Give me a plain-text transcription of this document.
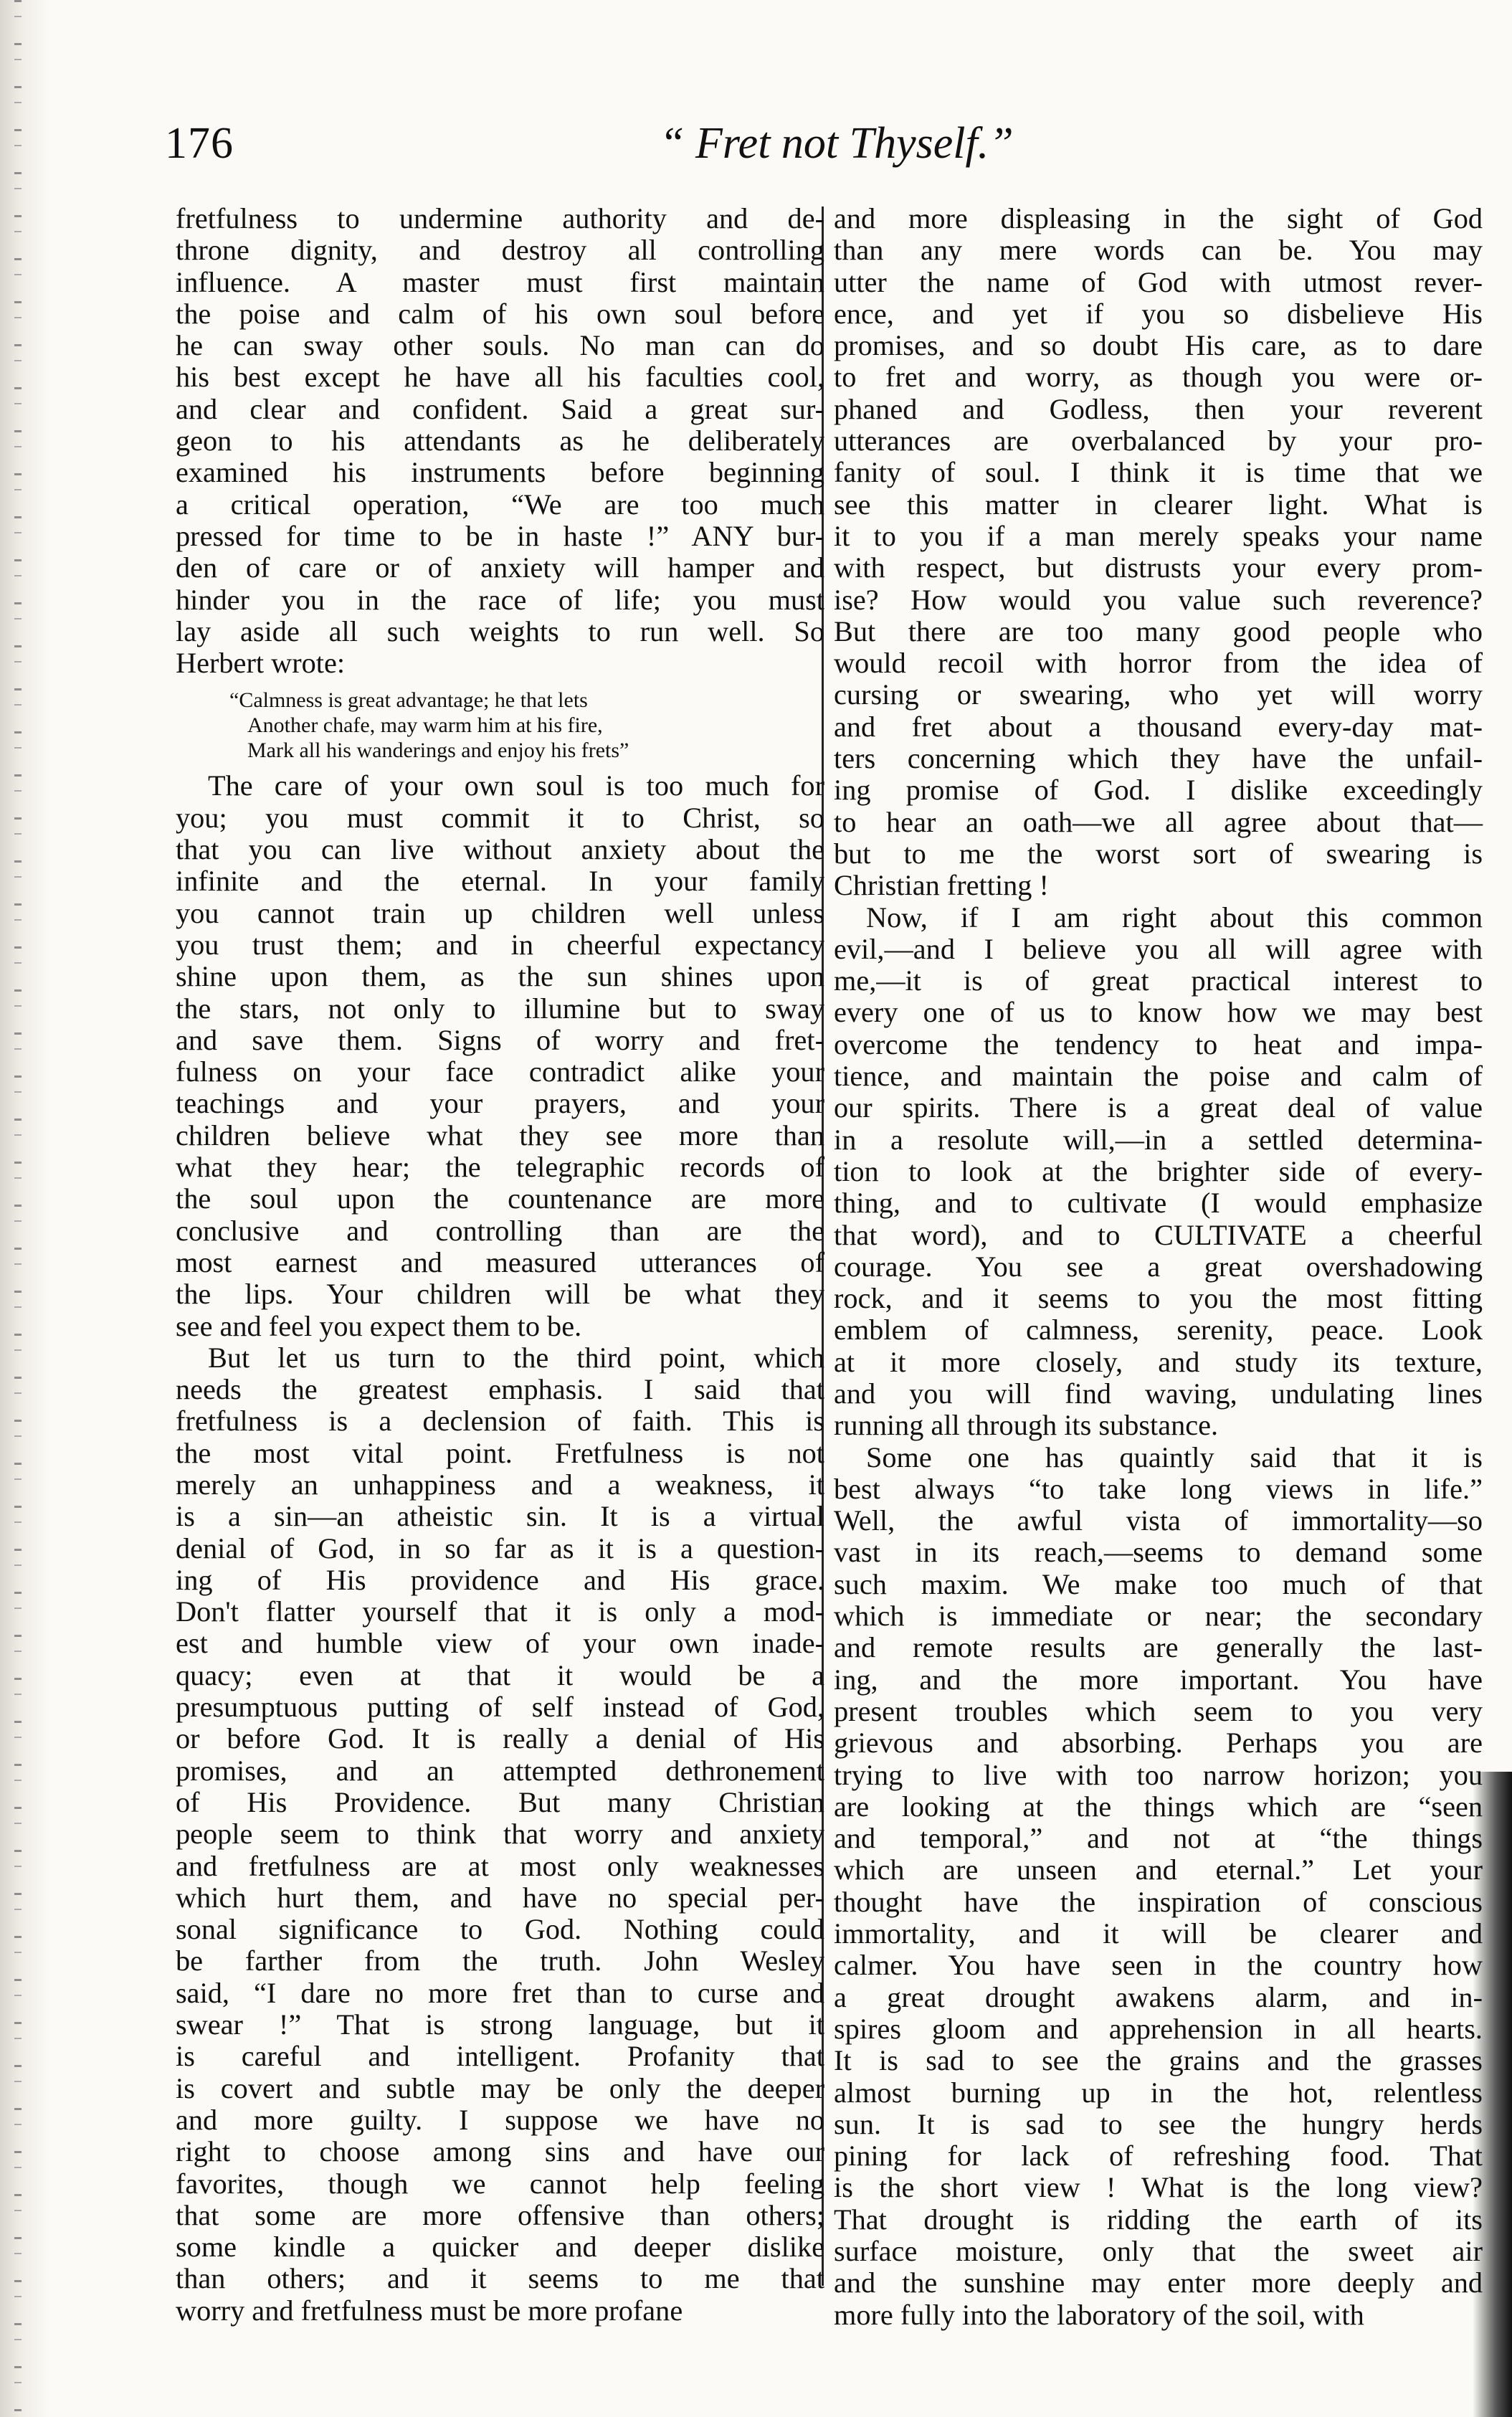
176	“ Fret not Thyself.”
fretfulness to undermine authority and de-
throne dignity, and destroy all controlling
influence. A master must first maintain
the poise and calm of his own soul before
he can sway other souls. No man can do
his best except he have all his faculties cool,
and clear and confident. Said a great sur-
geon to his attendants as he deliberately
examined his instruments before beginning
a critical operation, “We are too much
pressed for time to be in haste !” ANY bur-
den of care or of anxiety will hamper and
hinder you in the race of life; you must
lay aside all such weights to run well. So
Herbert wrote:
“Calmness is great advantage; he that lets
Another chafe, may warm him at his fire,
Mark all his wanderings and enjoy his frets”
The care of your own soul is too much for
you; you must commit it to Christ, so
that you can live without anxiety about the
infinite and the eternal. In your family
you cannot train up children well unless
you trust them; and in cheerful expectancy
shine upon them, as the sun shines upon
the stars, not only to illumine but to sway
and save them. Signs of worry and fret-
fulness on your face contradict alike your
teachings and your prayers, and your
children believe what they see more than
what they hear; the telegraphic records of
the soul upon the countenance are more
conclusive and controlling than are the
most earnest and measured utterances of
the lips. Your children will be what they
see and feel you expect them to be.
But let us turn to the third point, which
needs the greatest emphasis. I said that
fretfulness is a declension of faith. This is
the most vital point. Fretfulness is not
merely an unhappiness and a weakness, it
is a sin—an atheistic sin. It is a virtual
denial of God, in so far as it is a question-
ing of His providence and His grace.
Don't flatter yourself that it is only a mod-
est and humble view of your own inade-
quacy; even at that it would be a
presumptuous putting of self instead of God,
or before God. It is really a denial of His
promises, and an attempted dethronement
of His Providence. But many Christian
people seem to think that worry and anxiety
and fretfulness are at most only weaknesses
which hurt them, and have no special per-
sonal significance to God. Nothing could
be farther from the truth. John Wesley
said, “I dare no more fret than to curse and
swear !” That is strong language, but it
is careful and intelligent. Profanity that
is covert and subtle may be only the deeper
and more guilty. I suppose we have no
right to choose among sins and have our
favorites, though we cannot help feeling
that some are more offensive than others;
some kindle a quicker and deeper dislike
than others; and it seems to me that
worry and fretfulness must be more profane
and more displeasing in the sight of God
than any mere words can be. You may
utter the name of God with utmost rever-
ence, and yet if you so disbelieve His
promises, and so doubt His care, as to dare
to fret and worry, as though you were or-
phaned and Godless, then your reverent
utterances are overbalanced by your pro-
fanity of soul. I think it is time that we
see this matter in clearer light. What is
it to you if a man merely speaks your name
with respect, but distrusts your every prom-
ise? How would you value such reverence?
But there are too many good people who
would recoil with horror from the idea of
cursing or swearing, who yet will worry
and fret about a thousand every-day mat-
ters concerning which they have the unfail-
ing promise of God. I dislike exceedingly
to hear an oath—we all agree about that—
but to me the worst sort of swearing is
Christian fretting !
Now, if I am right about this common
evil,—and I believe you all will agree with
me,—it is of great practical interest to
every one of us to know how we may best
overcome the tendency to heat and impa-
tience, and maintain the poise and calm of
our spirits. There is a great deal of value
in a resolute will,—in a settled determina-
tion to look at the brighter side of every-
thing, and to cultivate (I would emphasize
that word), and to CULTIVATE a cheerful
courage. You see a great overshadowing
rock, and it seems to you the most fitting
emblem of calmness, serenity, peace. Look
at it more closely, and study its texture,
and you will find waving, undulating lines
running all through its substance.
Some one has quaintly said that it is
best always “to take long views in life.”
Well, the awful vista of immortality—so
vast in its reach,—seems to demand some
such maxim. We make too much of that
which is immediate or near; the secondary
and remote results are generally the last-
ing, and the more important. You have
present troubles which seem to you very
grievous and absorbing. Perhaps you are
trying to live with too narrow horizon; you
are looking at the things which are “seen
and temporal,” and not at “the things
which are unseen and eternal.” Let your
thought have the inspiration of conscious
immortality, and it will be clearer and
calmer. You have seen in the country how
a great drought awakens alarm, and in-
spires gloom and apprehension in all hearts.
It is sad to see the grains and the grasses
almost burning up in the hot, relentless
sun. It is sad to see the hungry herds
pining for lack of refreshing food. That
is the short view ! What is the long view?
That drought is ridding the earth of its
surface moisture, only that the sweet air
and the sunshine may enter more deeply and
more fully into the laboratory of the soil, with
